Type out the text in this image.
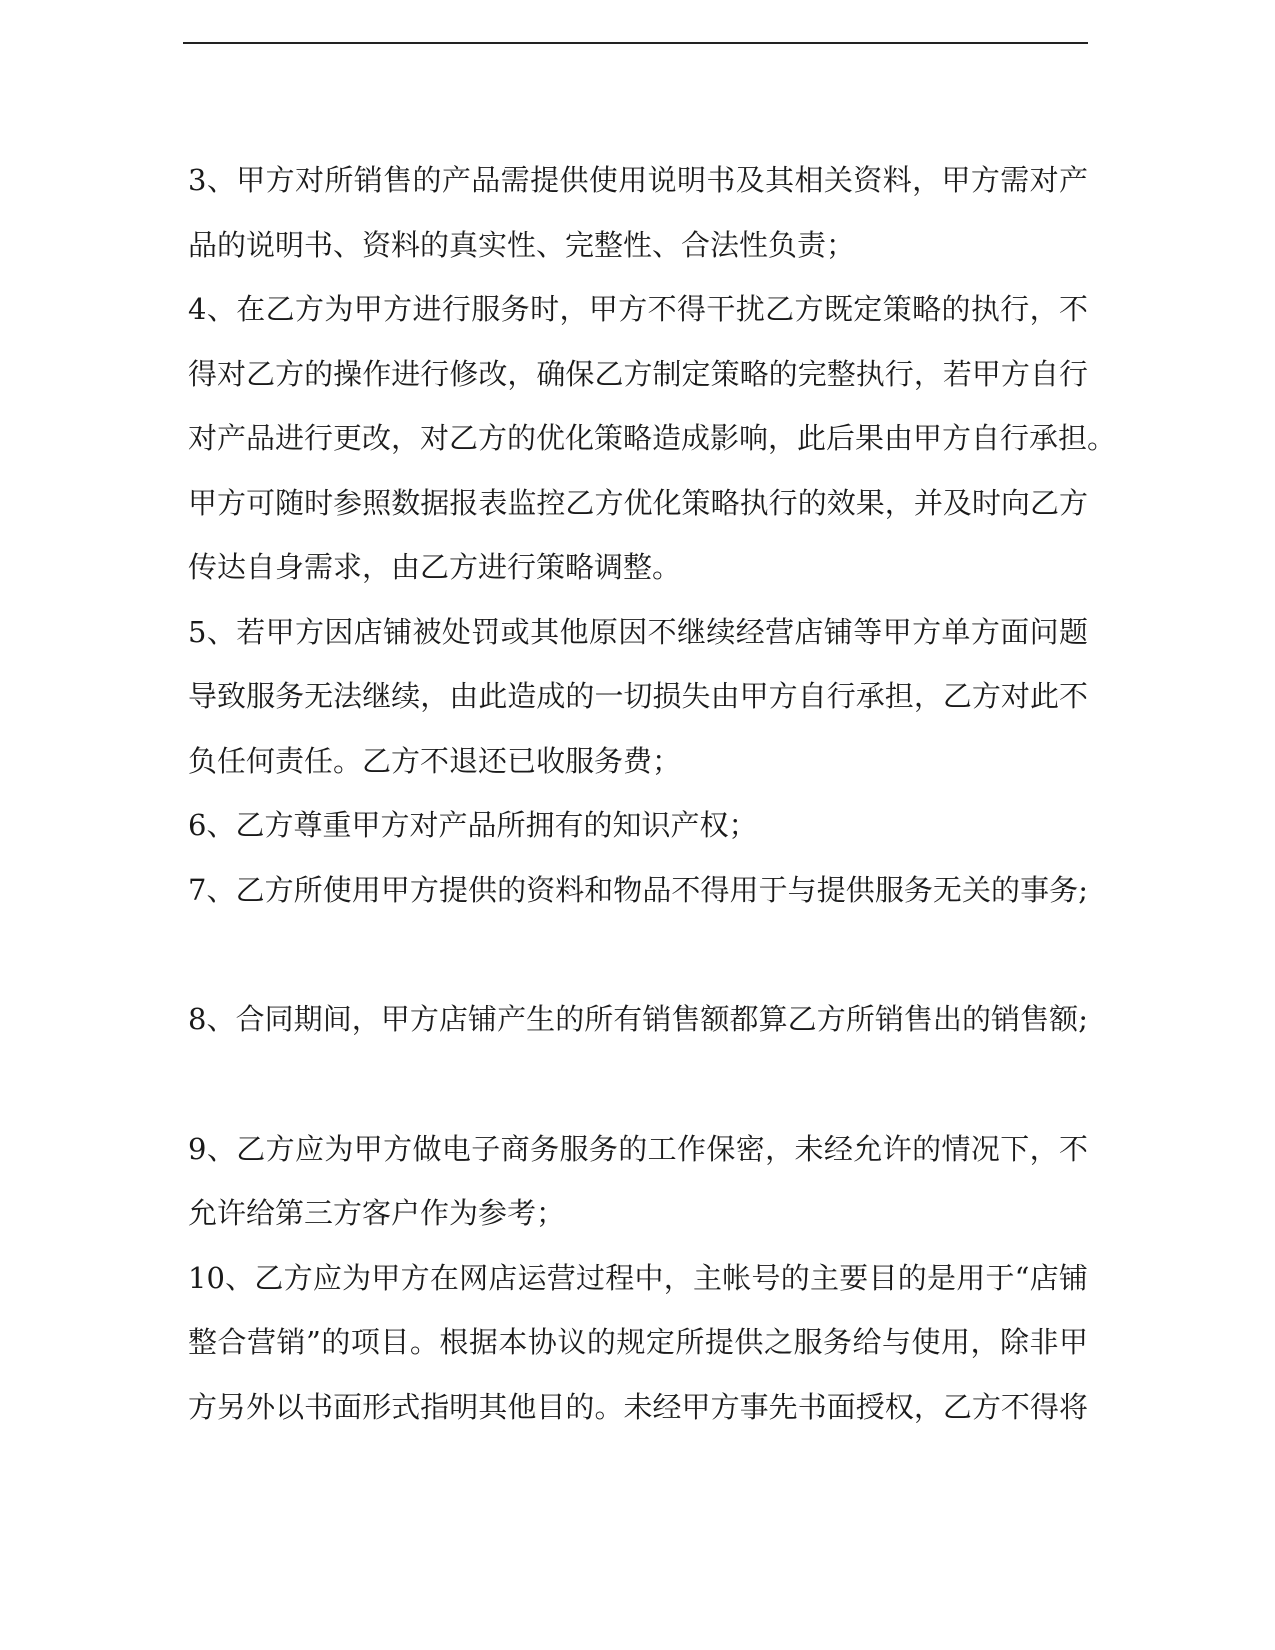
3、甲方对所销售的产品需提供使用说明书及其相关资料，甲方需对产
品的说明书、资料的真实性、完整性、合法性负责；
4、在乙方为甲方进行服务时，甲方不得干扰乙方既定策略的执行，不
得对乙方的操作进行修改，确保乙方制定策略的完整执行，若甲方自行
对产品进行更改，对乙方的优化策略造成影响，此后果由甲方自行承担。
甲方可随时参照数据报表监控乙方优化策略执行的效果，并及时向乙方
传达自身需求，由乙方进行策略调整。
5、若甲方因店铺被处罚或其他原因不继续经营店铺等甲方单方面问题
导致服务无法继续，由此造成的一切损失由甲方自行承担，乙方对此不
负任何责任。乙方不退还已收服务费；
6、乙方尊重甲方对产品所拥有的知识产权；
7、乙方所使用甲方提供的资料和物品不得用于与提供服务无关的事务;
8、合同期间，甲方店铺产生的所有销售额都算乙方所销售出的销售额;
9、乙方应为甲方做电子商务服务的工作保密，未经允许的情况下，不
允许给第三方客户作为参考；
10、乙方应为甲方在网店运营过程中，主帐号的主要目的是用于“店铺
整合营销”的项目。根据本协议的规定所提供之服务给与使用，除非甲
方另外以书面形式指明其他目的。未经甲方事先书面授权，乙方不得将
